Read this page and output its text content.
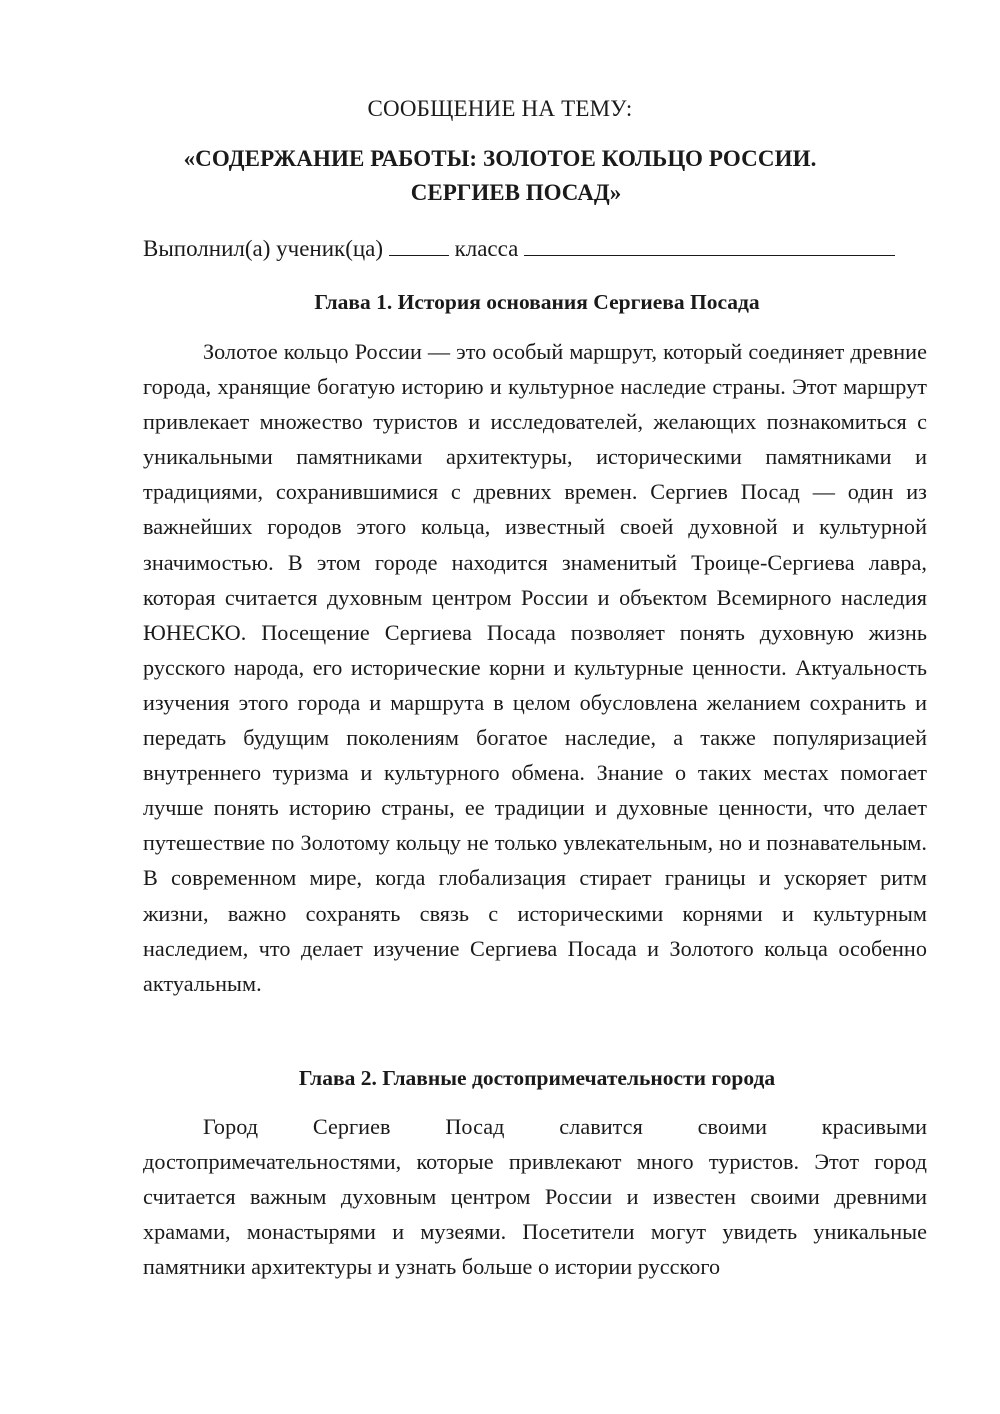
СООБЩЕНИЕ НА ТЕМУ:

«СОДЕРЖАНИЕ РАБОТЫ: ЗОЛОТОЕ КОЛЬЦО РОССИИ.

СЕРГИЕВ ПОСАД»

Выполнил(а) ученик(ца)	класса
Глава 1. История основания Сергиева Посада

Золотое кольцо России — это особый маршрут, который соединяет древние города, хранящие богатую историю и культурное наследие страны. Этот маршрут привлекает множество туристов и исследователей, желающих познакомиться с уникальными памятниками архитектуры, историческими памятниками и традициями, сохранившимися с древних времен. Сергиев Посад — один из важнейших городов этого кольца, известный своей духовной и культурной значимостью. В этом городе находится знаменитый Троице-Сергиева лавра, которая считается духовным центром России и объектом Всемирного наследия ЮНЕСКО. Посещение Сергиева Посада позволяет понять духовную жизнь русского народа, его исторические корни и культурные ценности. Актуальность изучения этого города и маршрута в целом обусловлена желанием сохранить и передать будущим поколениям богатое наследие, а также популяризацией внутреннего туризма и культурного обмена. Знание о таких местах помогает лучше понять историю страны, ее традиции и духовные ценности, что делает путешествие по Золотому кольцу не только увлекательным, но и познавательным. В современном мире, когда глобализация стирает границы и ускоряет ритм жизни, важно сохранять связь с историческими корнями и культурным наследием, что делает изучение Сергиева Посада и Золотого кольца особенно актуальным.

Глава 2. Главные достопримечательности города

Город Сергиев Посад славится своими красивыми достопримечательностями, которые привлекают много туристов. Этот город считается важным духовным центром России и известен своими древними храмами, монастырями и музеями. Посетители могут увидеть уникальные памятники архитектуры и узнать больше о истории русского
